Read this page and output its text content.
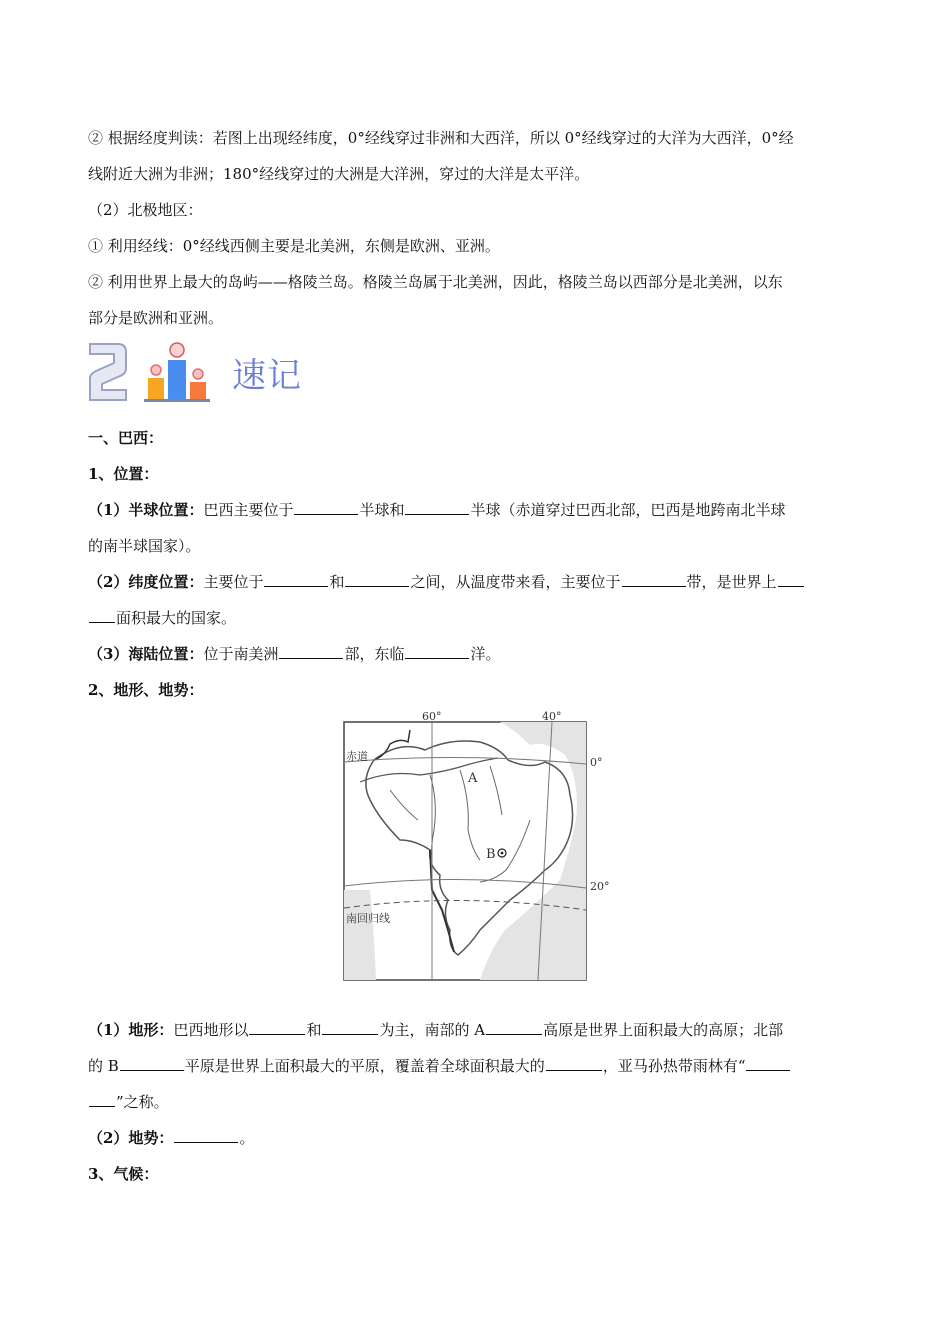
② 根据经度判读：若图上出现经纬度，0°经线穿过非洲和大西洋，所以 0°经线穿过的大洋为大西洋，0°经

线附近大洲为非洲；180°经线穿过的大洲是大洋洲，穿过的大洋是太平洋。

（2）北极地区：

① 利用经线：0°经线西侧主要是北美洲，东侧是欧洲、亚洲。

② 利用世界上最大的岛屿——格陵兰岛。格陵兰岛属于北美洲，因此，格陵兰岛以西部分是北美洲，以东

部分是欧洲和亚洲。

速记

一、巴西：

1、位置：

（1）半球位置：巴西主要位于	半球和	半球（赤道穿过巴西北部，巴西是地跨南北半球

的南半球国家）。

（2）纬度位置：主要位于	和	之间，从温度带来看，主要位于	带，是世界上

面积最大的国家。

（3）海陆位置：位于南美洲	部，东临	洋。

2、地形、地势：

60°	40°
0°
20°
赤道
南回归线
A
B

（1）地形：巴西地形以	和	为主，南部的 A	高原是世界上面积最大的高原；北部

的 B	平原是世界上面积最大的平原，覆盖着全球面积最大的	，亚马孙热带雨林有“

”之称。

（2）地势：	。

3、气候：
